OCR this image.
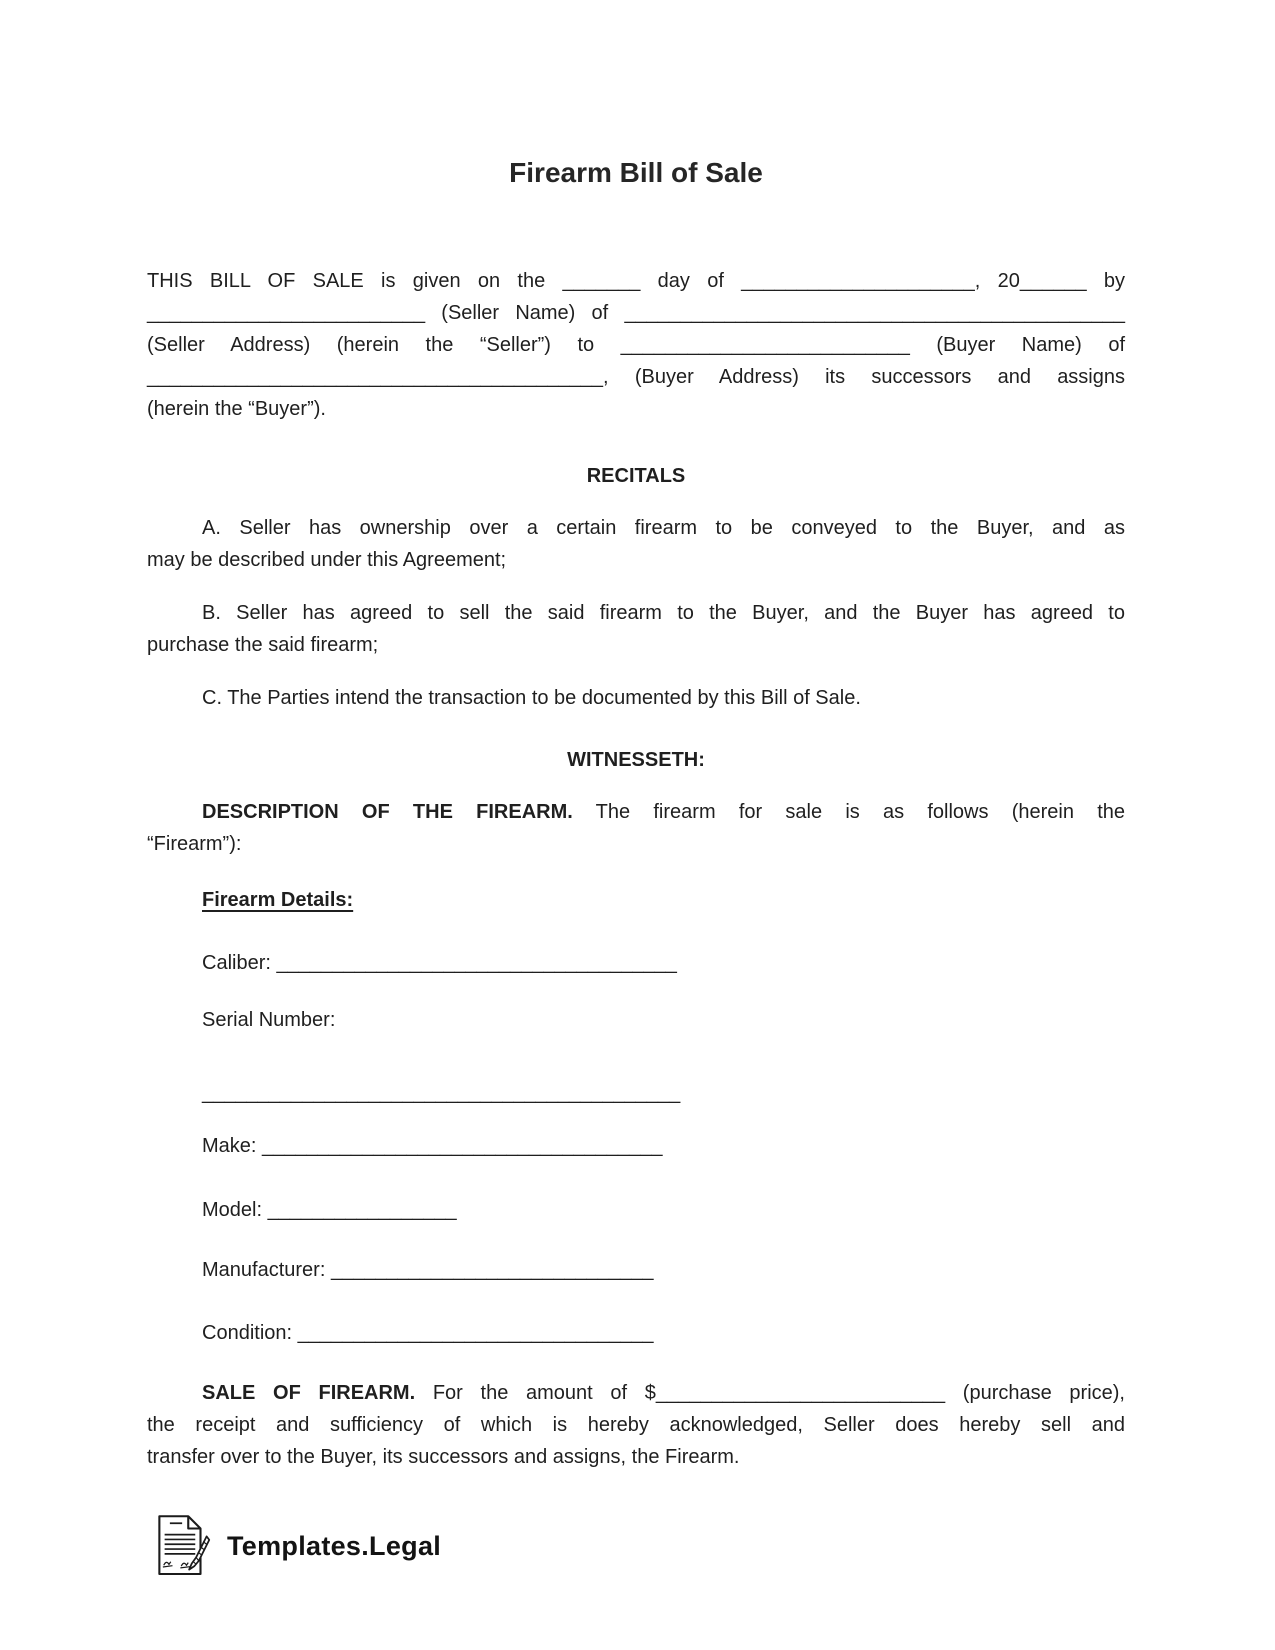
Firearm Bill of Sale
THIS BILL OF SALE is given on the _______ day of _____________________, 20______ by
_________________________ (Seller Name) of _____________________________________________
(Seller Address) (herein the “Seller”) to __________________________ (Buyer Name) of
_________________________________________, (Buyer Address) its successors and assigns
(herein the “Buyer”).
RECITALS
A. Seller has ownership over a certain firearm to be conveyed to the Buyer, and as
may be described under this Agreement;
B. Seller has agreed to sell the said firearm to the Buyer, and the Buyer has agreed to
purchase the said firearm;
C. The Parties intend the transaction to be documented by this Bill of Sale.
WITNESSETH:
DESCRIPTION OF THE FIREARM. The firearm for sale is as follows (herein the
“Firearm”):
Firearm Details:
Caliber: ____________________________________
Serial Number:
___________________________________________
Make: ____________________________________
Model: _________________
Manufacturer: _____________________________
Condition: ________________________________
SALE OF FIREARM. For the amount of $__________________________ (purchase price),
the receipt and sufficiency of which is hereby acknowledged, Seller does hereby sell and
transfer over to the Buyer, its successors and assigns, the Firearm.
Templates.Legal
